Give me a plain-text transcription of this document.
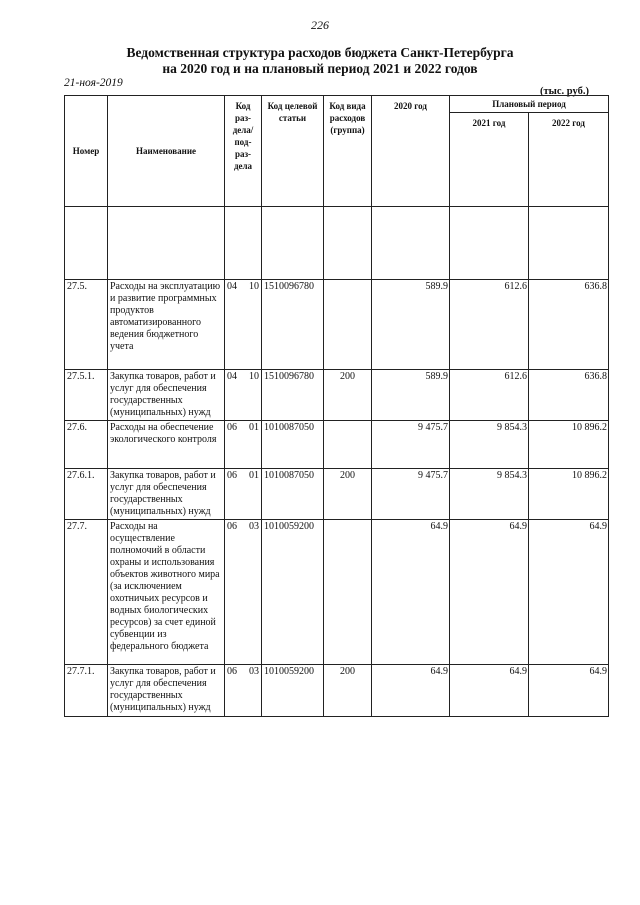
226
Ведомственная структура расходов бюджета Санкт-Петербурга
на 2020 год и на плановый период 2021 и 2022 годов
21-ноя-2019
(тыс. руб.)
Номер	Наименование	Код раз- дела/ под- раз- дела		Код целевой статьи	Код вида расходов (группа)	2020 год	Плановый период	
							2021 год	2022 год

27.5.	Расходы на эксплуатацию и развитие программных продуктов автоматизированного ведения бюджетного учета	04	10	1510096780		589.9	612.6	636.8
27.5.1.	Закупка товаров, работ и услуг для обеспечения государственных (муниципальных) нужд	04	10	1510096780	200	589.9	612.6	636.8
27.6.	Расходы на обеспечение экологического контроля	06	01	1010087050		9 475.7	9 854.3	10 896.2
27.6.1.	Закупка товаров, работ и услуг для обеспечения государственных (муниципальных) нужд	06	01	1010087050	200	9 475.7	9 854.3	10 896.2
27.7.	Расходы на осуществление полномочий в области охраны и использования объектов животного мира (за исключением охотничьих ресурсов и водных биологических ресурсов) за счет единой субвенции из федерального бюджета	06	03	1010059200		64.9	64.9	64.9
27.7.1.	Закупка товаров, работ и услуг для обеспечения государственных (муниципальных) нужд	06	03	1010059200	200	64.9	64.9	64.9
